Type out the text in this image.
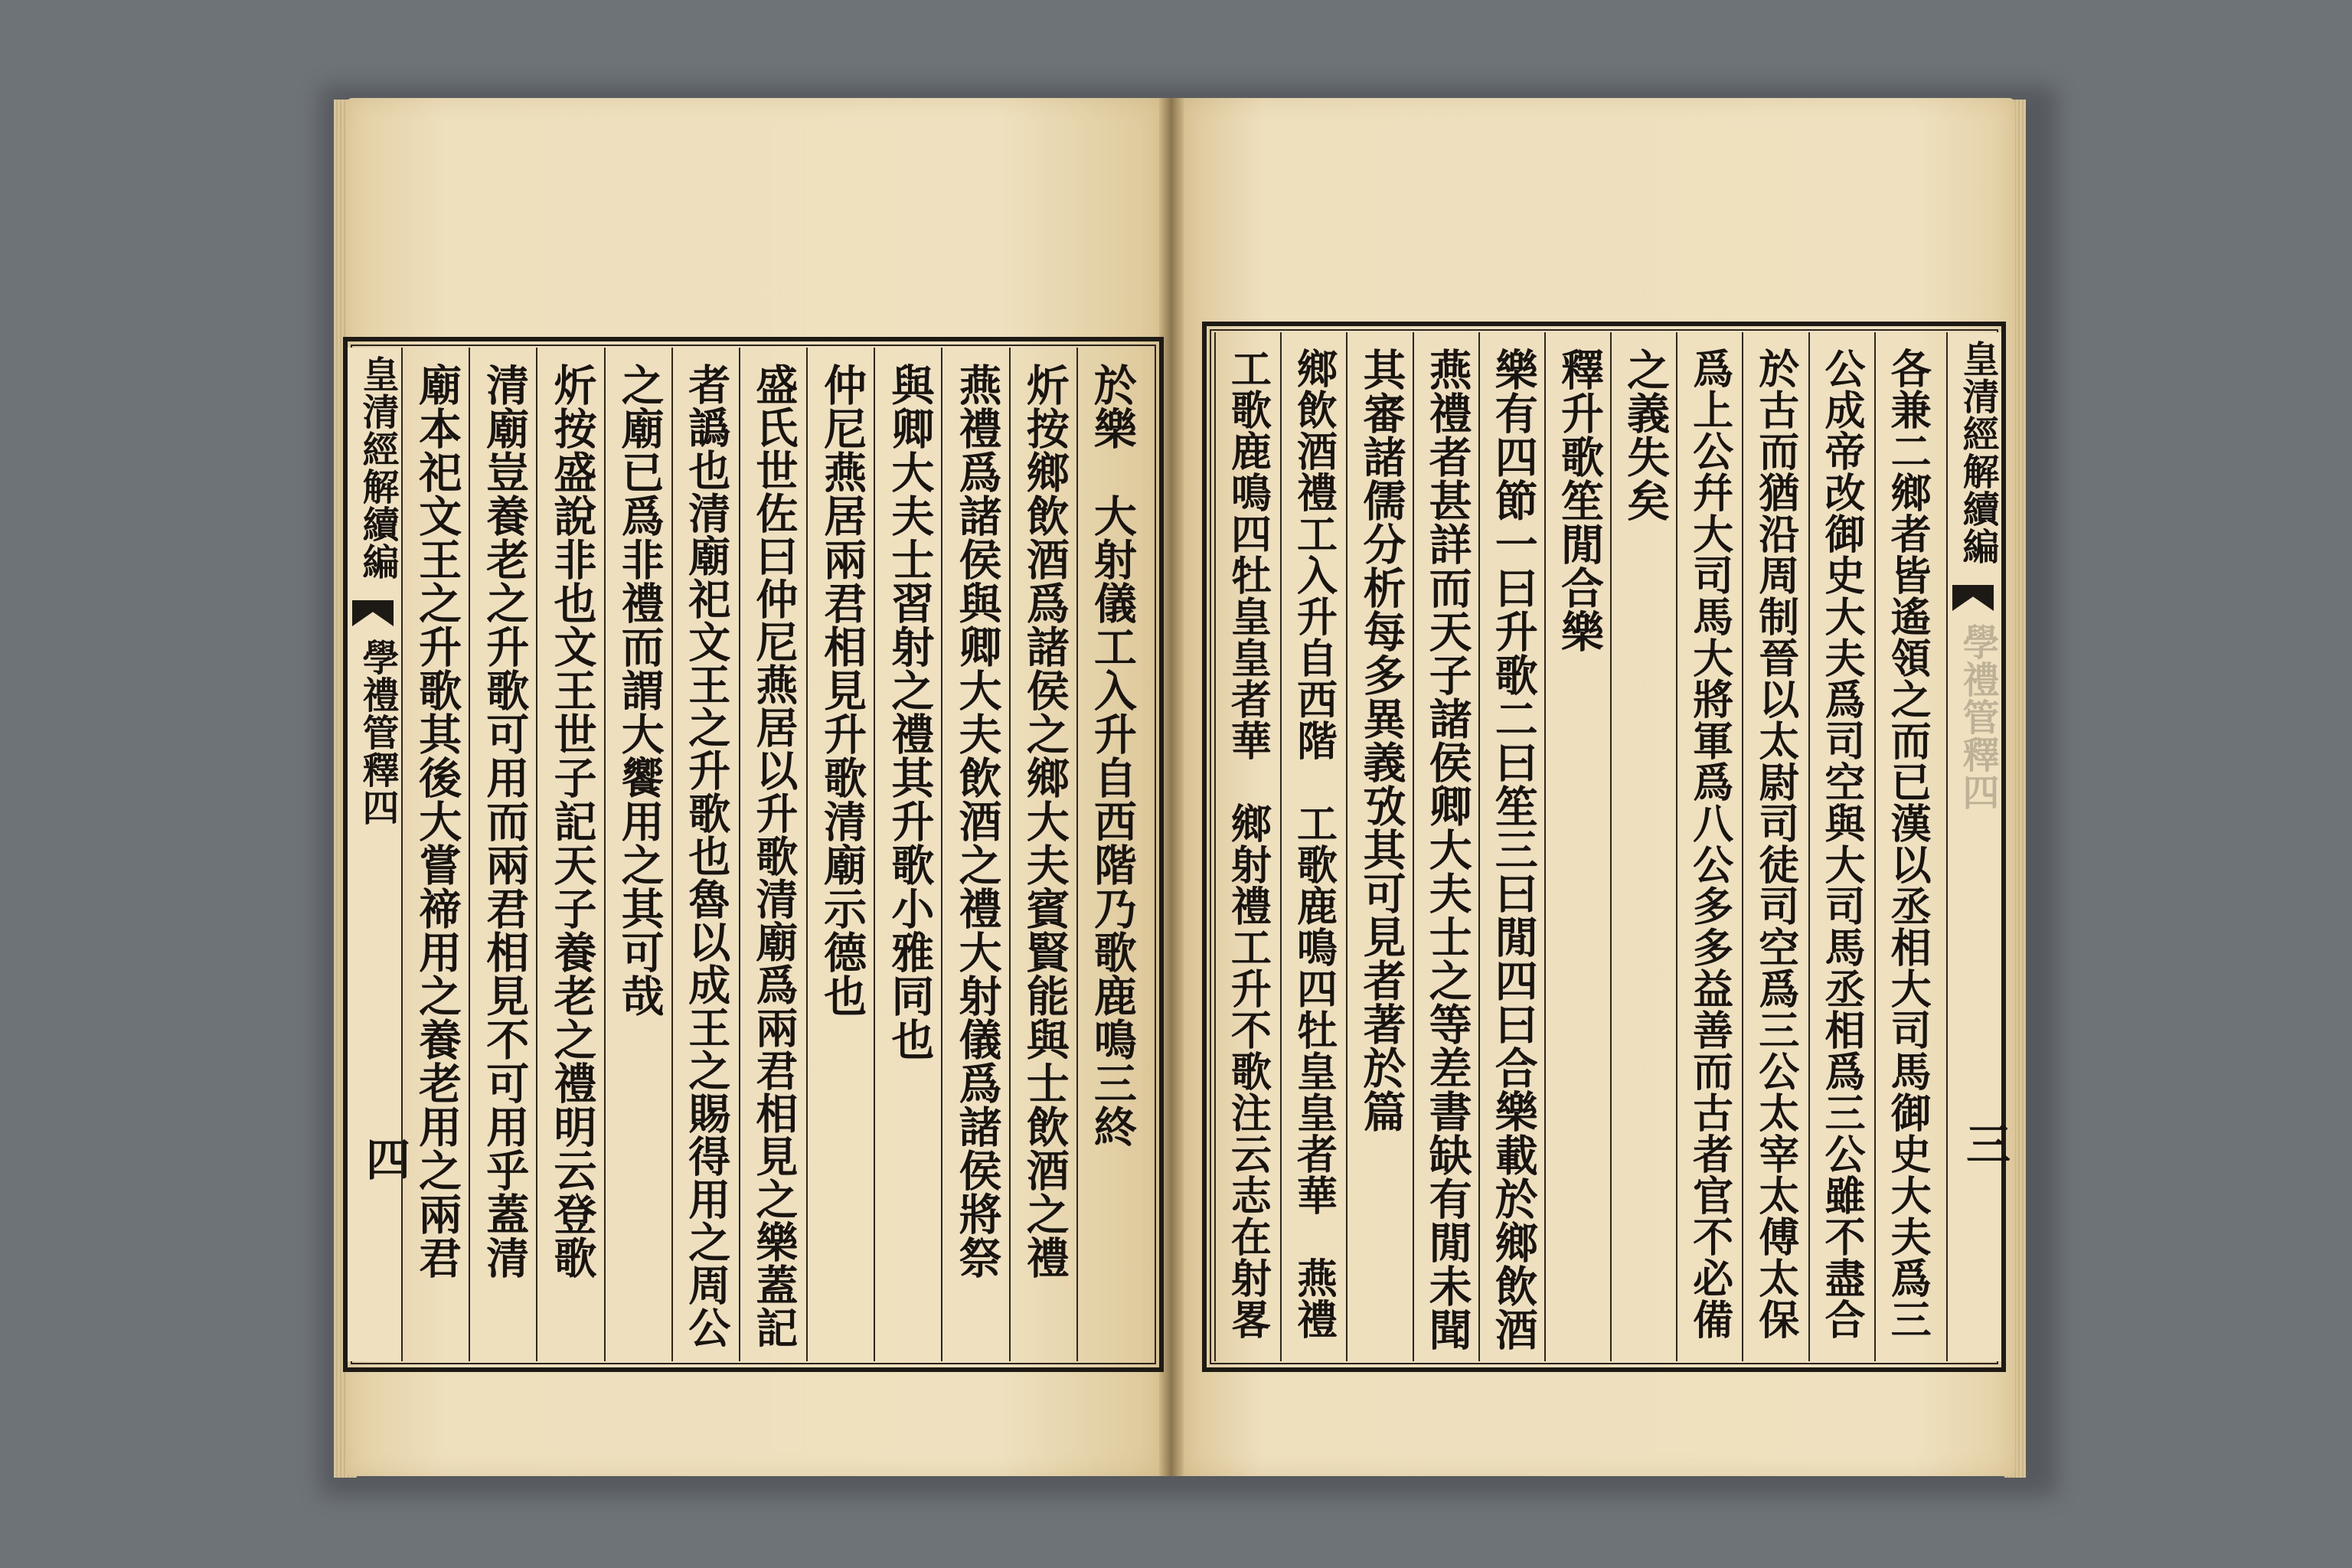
皇清經解續編
學禮管釋四
四
於樂　大射儀工入升自西階乃歌鹿鳴三終
炘按鄉飲酒爲諸侯之鄉大夫賓賢能與士飲酒之禮
燕禮爲諸侯與卿大夫飲酒之禮大射儀爲諸侯將祭
與卿大夫士習射之禮其升歌小雅同也
仲尼燕居兩君相見升歌清廟示德也
盛氏世佐曰仲尼燕居以升歌清廟爲兩君相見之樂蓋記
者譌也清廟祀文王之升歌也魯以成王之賜得用之周公
之廟已爲非禮而謂大饗用之其可哉
炘按盛說非也文王世子記天子養老之禮明云登歌
清廟豈養老之升歌可用而兩君相見不可用乎蓋清
廟本祀文王之升歌其後大嘗禘用之養老用之兩君	各兼二鄉者皆遙領之而已漢以丞相大司馬御史大夫爲三
公成帝改御史大夫爲司空與大司馬丞相爲三公雖不盡合
於古而猶沿周制晉以太尉司徒司空爲三公太宰太傅太保
爲上公幷大司馬大將軍爲八公多多益善而古者官不必備
之義失矣
釋升歌笙閒合樂
樂有四節一曰升歌二曰笙三曰閒四曰合樂載於鄉飲酒
燕禮者甚詳而天子諸侯卿大夫士之等差書缺有閒未聞
其審諸儒分析每多異義攷其可見者著於篇
鄉飲酒禮工入升自西階　工歌鹿鳴四牡皇皇者華　燕禮
工歌鹿鳴四牡皇皇者華　鄉射禮工升不歌注云志在射畧	皇清經解續編
學禮管釋四
三
